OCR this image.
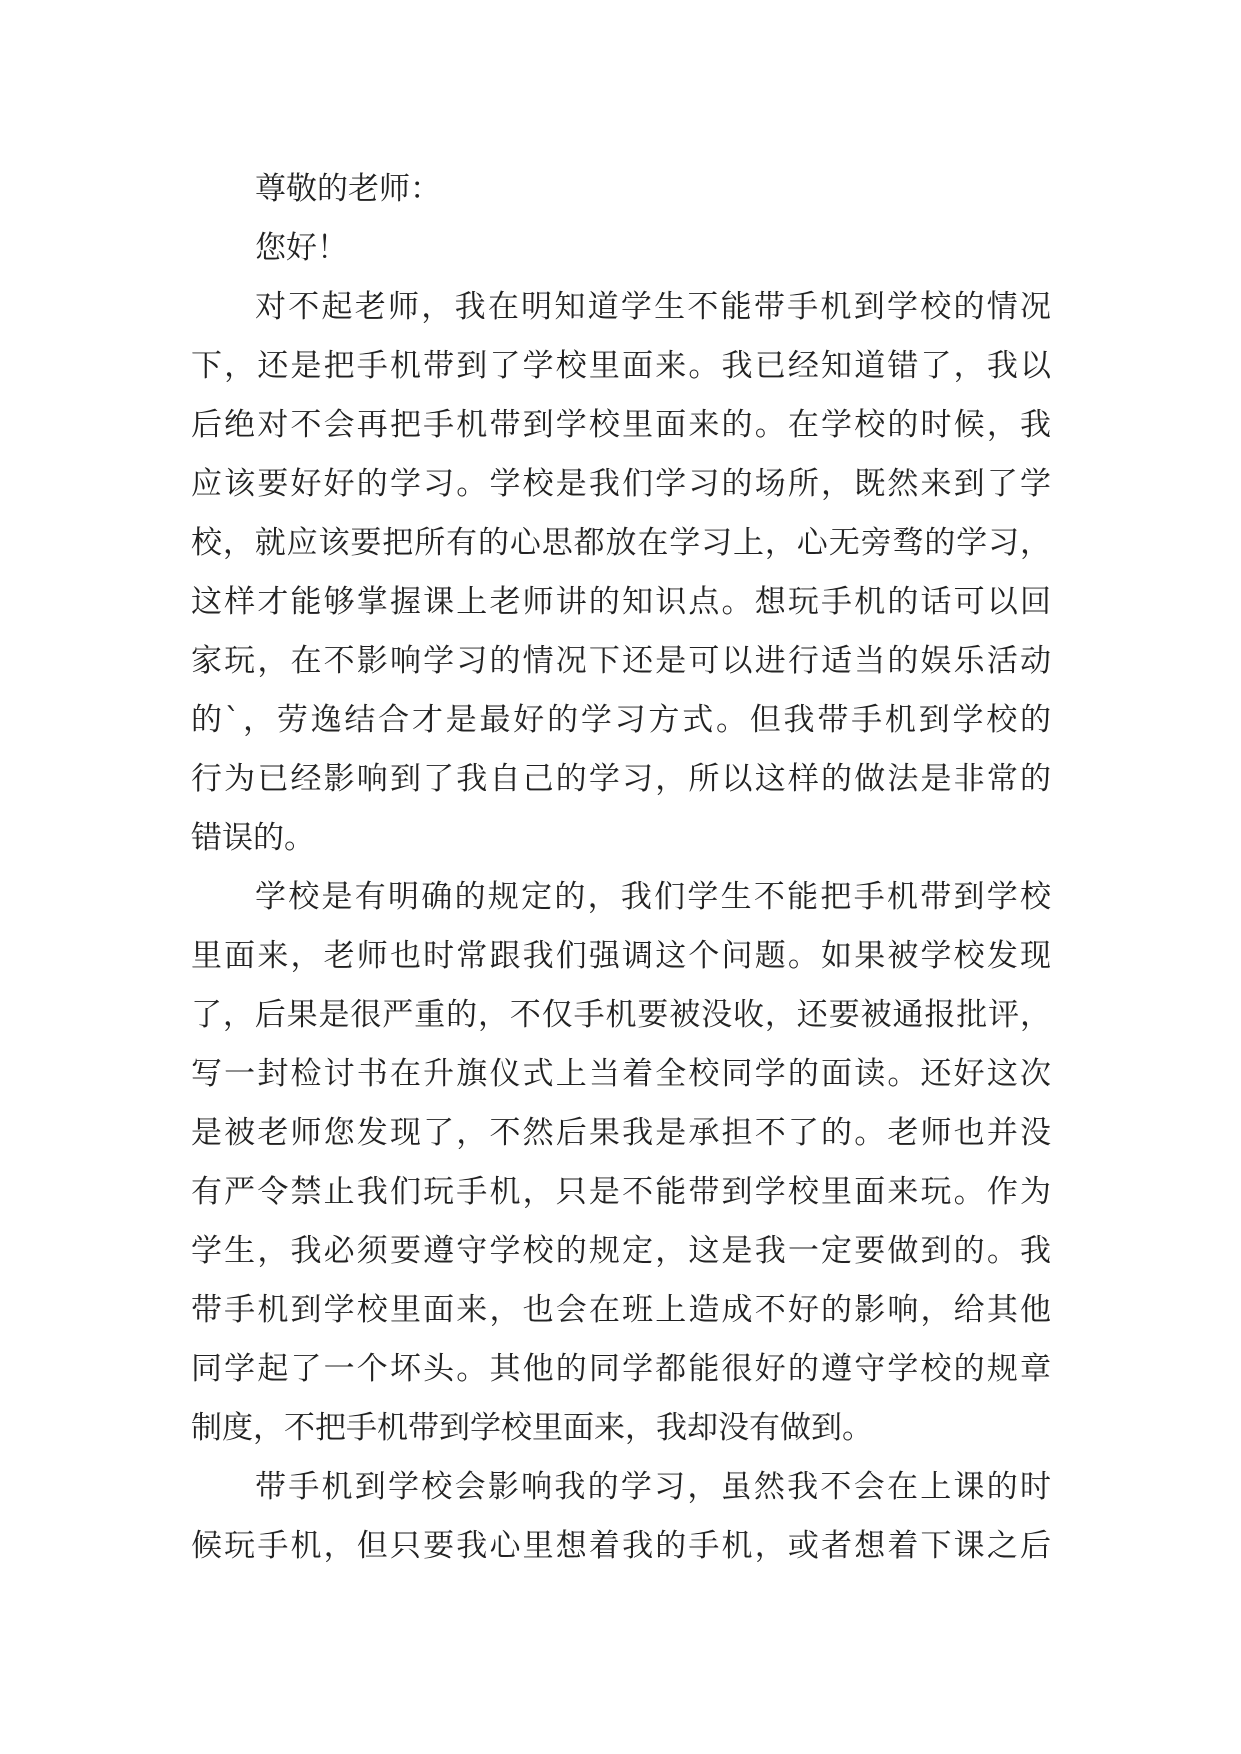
尊敬的老师：
您好！
对不起老师，我在明知道学生不能带手机到学校的情况
下，还是把手机带到了学校里面来。我已经知道错了，我以
后绝对不会再把手机带到学校里面来的。在学校的时候，我
应该要好好的学习。学校是我们学习的场所，既然来到了学
校，就应该要把所有的心思都放在学习上，心无旁骛的学习，
这样才能够掌握课上老师讲的知识点。想玩手机的话可以回
家玩，在不影响学习的情况下还是可以进行适当的娱乐活动
的`，劳逸结合才是最好的学习方式。但我带手机到学校的
行为已经影响到了我自己的学习，所以这样的做法是非常的
错误的。
学校是有明确的规定的，我们学生不能把手机带到学校
里面来，老师也时常跟我们强调这个问题。如果被学校发现
了，后果是很严重的，不仅手机要被没收，还要被通报批评，
写一封检讨书在升旗仪式上当着全校同学的面读。还好这次
是被老师您发现了，不然后果我是承担不了的。老师也并没
有严令禁止我们玩手机，只是不能带到学校里面来玩。作为
学生，我必须要遵守学校的规定，这是我一定要做到的。我
带手机到学校里面来，也会在班上造成不好的影响，给其他
同学起了一个坏头。其他的同学都能很好的遵守学校的规章
制度，不把手机带到学校里面来，我却没有做到。
带手机到学校会影响我的学习，虽然我不会在上课的时
候玩手机，但只要我心里想着我的手机，或者想着下课之后
